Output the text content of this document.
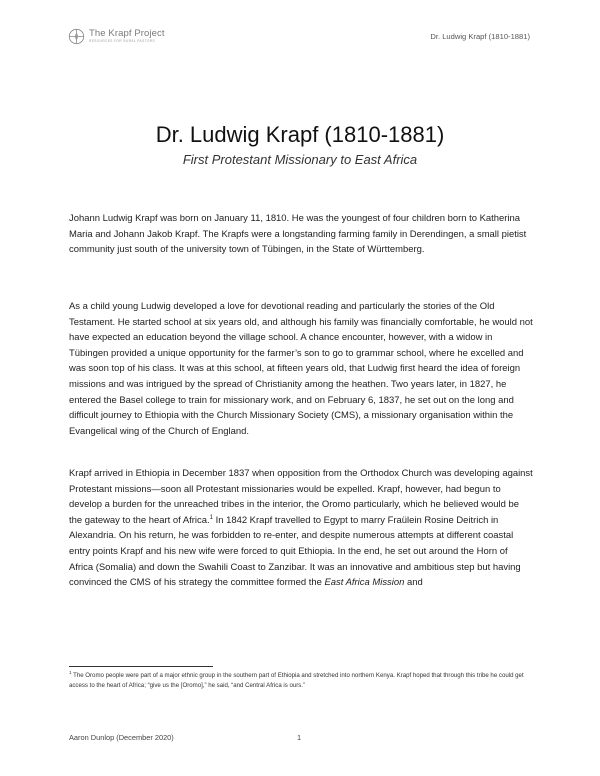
The Krapf Project
RESOURCES FOR RURAL PASTORS
Dr. Ludwig Krapf (1810-1881)
Dr. Ludwig Krapf (1810-1881)
First Protestant Missionary to East Africa

Johann Ludwig Krapf was born on January 11, 1810. He was the youngest of four children born to Katherina Maria and Johann Jakob Krapf. The Krapfs were a longstanding farming family in Derendingen, a small pietist community just south of the university town of Tübingen, in the State of Württemberg.

As a child young Ludwig developed a love for devotional reading and particularly the stories of the Old Testament. He started school at six years old, and although his family was financially comfortable, he would not have expected an education beyond the village school. A chance encounter, however, with a widow in Tübingen provided a unique opportunity for the farmer’s son to go to grammar school, where he excelled and was soon top of his class. It was at this school, at fifteen years old, that Ludwig first heard the idea of foreign missions and was intrigued by the spread of Christianity among the heathen. Two years later, in 1827, he entered the Basel college to train for missionary work, and on February 6, 1837, he set out on the long and difficult journey to Ethiopia with the Church Missionary Society (CMS), a missionary organisation within the Evangelical wing of the Church of England.

Krapf arrived in Ethiopia in December 1837 when opposition from the Orthodox Church was developing against Protestant missions—soon all Protestant missionaries would be expelled. Krapf, however, had begun to develop a burden for the unreached tribes in the interior, the Oromo particularly, which he believed would be the gateway to the heart of Africa.$^1$ In 1842 Krapf travelled to Egypt to marry Fraülein Rosine Deitrich in Alexandria. On his return, he was forbidden to re-enter, and despite numerous attempts at different coastal entry points Krapf and his new wife were forced to quit Ethiopia. In the end, he set out around the Horn of Africa (Somalia) and down the Swahili Coast to Zanzibar. It was an innovative and ambitious step but having convinced the CMS of his strategy the committee formed the East Africa Mission and

$^1$ The Oromo people were part of a major ethnic group in the southern part of Ethiopia and stretched into northern Kenya. Krapf hoped that through this tribe he could get access to the heart of Africa; “give us the [Oromo],” he said, “and Central Africa is ours.”

Aaron Dunlop (December 2020)	1
